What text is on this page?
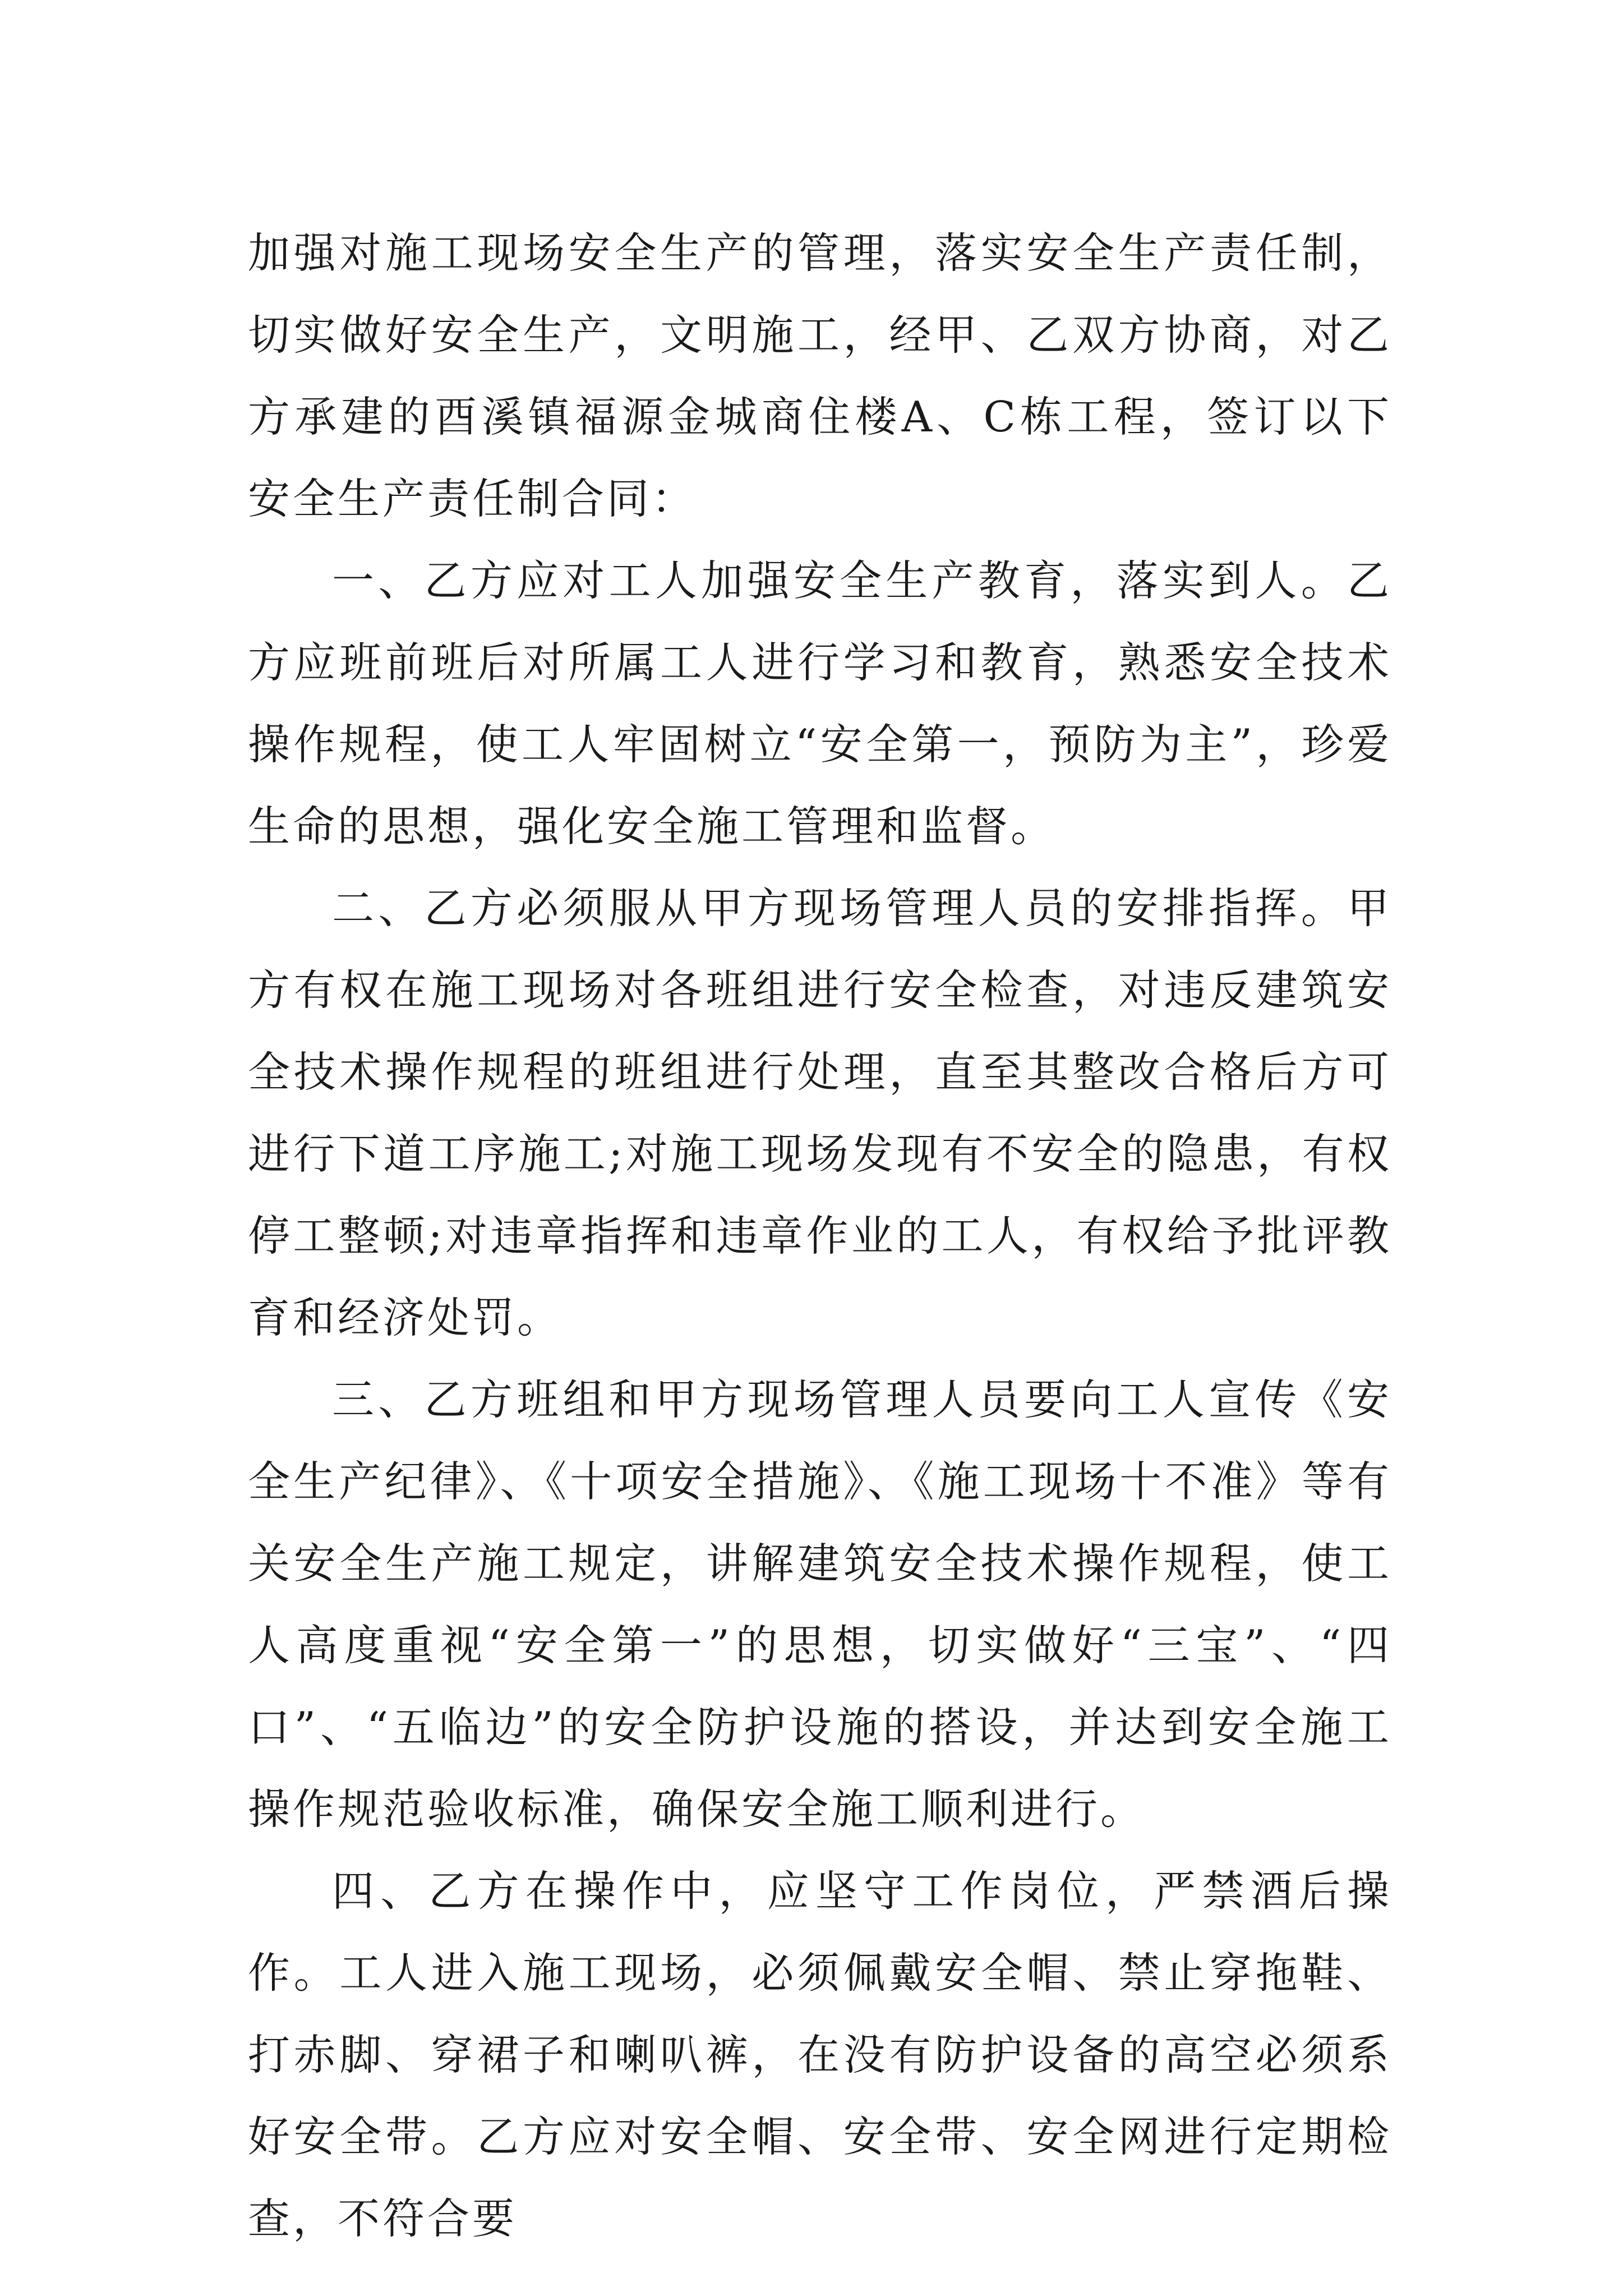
加强对施工现场安全生产的管理，落实安全生产责任制，切实做好安全生产，文明施工，经甲、乙双方协商，对乙方承建的酉溪镇福源金城商住楼A、C栋工程，签订以下安全生产责任制合同：

一、乙方应对工人加强安全生产教育，落实到人。乙方应班前班后对所属工人进行学习和教育，熟悉安全技术操作规程，使工人牢固树立“安全第一，预防为主”，珍爱生命的思想，强化安全施工管理和监督。

二、乙方必须服从甲方现场管理人员的安排指挥。甲方有权在施工现场对各班组进行安全检查，对违反建筑安全技术操作规程的班组进行处理，直至其整改合格后方可进行下道工序施工;对施工现场发现有不安全的隐患，有权停工整顿;对违章指挥和违章作业的工人，有权给予批评教育和经济处罚。

三、乙方班组和甲方现场管理人员要向工人宣传《安全生产纪律》、《十项安全措施》、《施工现场十不准》等有关安全生产施工规定，讲解建筑安全技术操作规程，使工人高度重视“安全第一”的思想，切实做好“三宝”、“四口”、“五临边”的安全防护设施的搭设，并达到安全施工操作规范验收标准，确保安全施工顺利进行。

四、乙方在操作中，应坚守工作岗位，严禁酒后操作。工人进入施工现场，必须佩戴安全帽、禁止穿拖鞋、打赤脚、穿裙子和喇叭裤，在没有防护设备的高空必须系好安全带。乙方应对安全帽、安全带、安全网进行定期检查，不符合要
